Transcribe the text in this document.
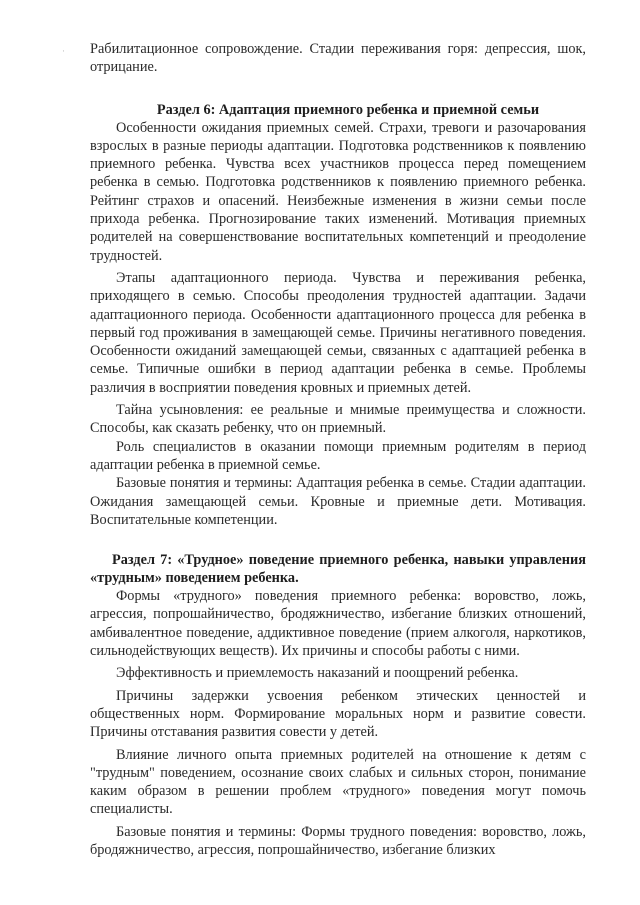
· Рабилитационное сопровождение. Стадии переживания горя: депрессия, шок, отрицание.

Раздел 6: Адаптация приемного ребенка и приемной семьи

Особенности ожидания приемных семей. Страхи, тревоги и разочарования взрослых в разные периоды адаптации. Подготовка родственников к появлению приемного ребенка. Чувства всех участников процесса перед помещением ребенка в семью. Подготовка родственников к появлению приемного ребенка. Рейтинг страхов и опасений. Неизбежные изменения в жизни семьи после прихода ребенка. Прогнозирование таких изменений. Мотивация приемных родителей на совершенствование воспитательных компетенций и преодоление трудностей.

Этапы адаптационного периода. Чувства и переживания ребенка, приходящего в семью. Способы преодоления трудностей адаптации. Задачи адаптационного периода. Особенности адаптационного процесса для ребенка в первый год проживания в замещающей семье. Причины негативного поведения. Особенности ожиданий замещающей семьи, связанных с адаптацией ребенка в семье. Типичные ошибки в период адаптации ребенка в семье. Проблемы различия в восприятии поведения кровных и приемных детей.

Тайна усыновления: ее реальные и мнимые преимущества и сложности. Способы, как сказать ребенку, что он приемный.

Роль специалистов в оказании помощи приемным родителям в период адаптации ребенка в приемной семье.

Базовые понятия и термины: Адаптация ребенка в семье. Стадии адаптации. Ожидания замещающей семьи. Кровные и приемные дети. Мотивация. Воспитательные компетенции.

Раздел 7: «Трудное» поведение приемного ребенка, навыки управления «трудным» поведением ребенка.

Формы «трудного» поведения приемного ребенка: воровство, ложь, агрессия, попрошайничество, бродяжничество, избегание близких отношений, амбивалентное поведение, аддиктивное поведение (прием алкоголя, наркотиков, сильнодействующих веществ). Их причины и способы работы с ними.

Эффективность и приемлемость наказаний и поощрений ребенка.

Причины задержки усвоения ребенком этических ценностей и общественных норм. Формирование моральных норм и развитие совести. Причины отставания развития совести у детей.

Влияние личного опыта приемных родителей на отношение к детям с "трудным" поведением, осознание своих слабых и сильных сторон, понимание каким образом в решении проблем «трудного» поведения могут помочь специалисты.

Базовые понятия и термины: Формы трудного поведения: воровство, ложь, бродяжничество, агрессия, попрошайничество, избегание близких
